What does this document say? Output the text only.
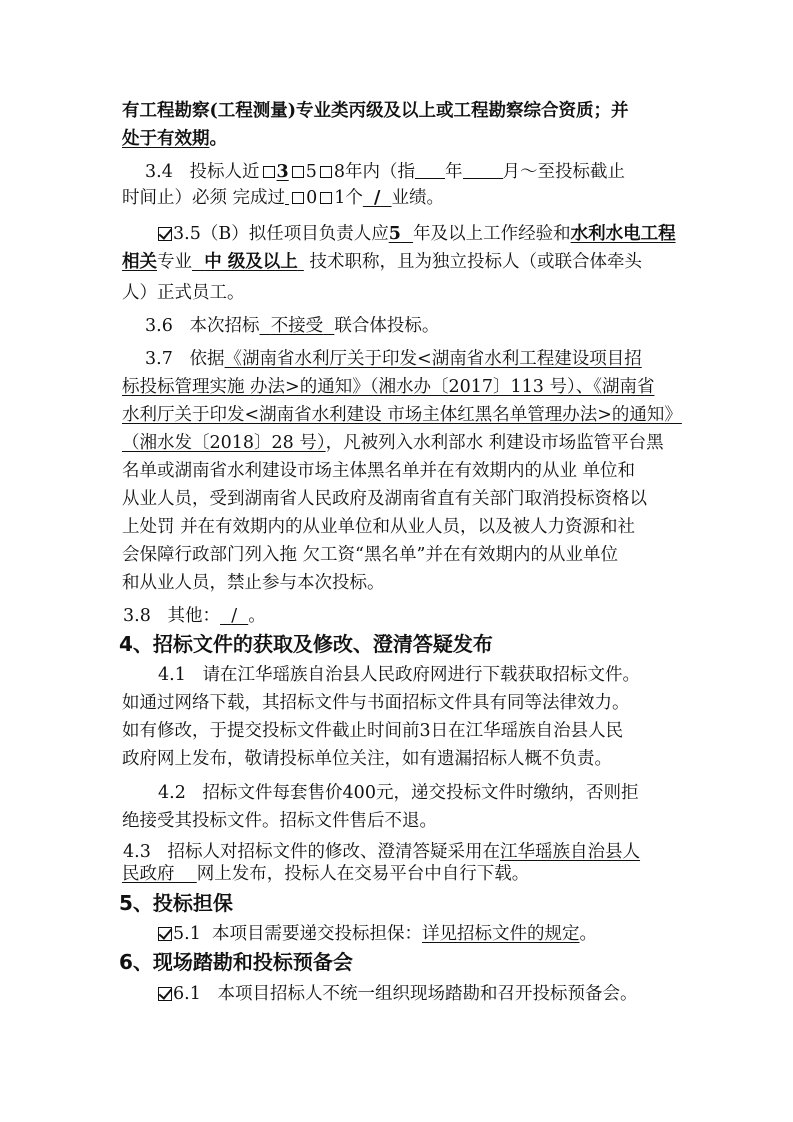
有工程勘察(工程测量)专业类丙级及以上或工程勘察综合资质；并
处于有效期。
3.4 投标人近 3 5 8年内（指 年 月～至投标截止
时间止）必须 完成过 0 1个 / 业绩。
3.5（B）拟任项目负责人应5 年及以上工作经验和水利水电工程
相关专业 中 级及以上 技术职称，且为独立投标人（或联合体牵头
人）正式员工。
3.6 本次招标 不接受 联合体投标。
3.7 依据《湖南省水利厅关于印发<湖南省水利工程建设项目招
标投标管理实施 办法>的通知》（湘水办〔2017〕113 号）、《湖南省
水利厅关于印发<湖南省水利建设 市场主体红黑名单管理办法>的通知》
（湘水发〔2018〕28 号），凡被列入水利部水 利建设市场监管平台黑
名单或湖南省水利建设市场主体黑名单并在有效期内的从业 单位和
从业人员，受到湖南省人民政府及湖南省直有关部门取消投标资格以
上处罚 并在有效期内的从业单位和从业人员，以及被人力资源和社
会保障行政部门列入拖 欠工资“黑名单”并在有效期内的从业单位
和从业人员，禁止参与本次投标。
3.8 其他： / 。
4、招标文件的获取及修改、澄清答疑发布
4.1 请在江华瑶族自治县人民政府网进行下载获取招标文件。
如通过网络下载，其招标文件与书面招标文件具有同等法律效力。
如有修改，于提交投标文件截止时间前3日在江华瑶族自治县人民
政府网上发布，敬请投标单位关注，如有遗漏招标人概不负责。
4.2 招标文件每套售价400元，递交投标文件时缴纳，否则拒
绝接受其投标文件。招标文件售后不退。
4.3 招标人对招标文件的修改、澄清答疑采用在江华瑶族自治县人
民政府 网上发布，投标人在交易平台中自行下载。
5、投标担保
5.1 本项目需要递交投标担保：详见招标文件的规定。
6、现场踏勘和投标预备会
6.1 本项目招标人不统一组织现场踏勘和召开投标预备会。
